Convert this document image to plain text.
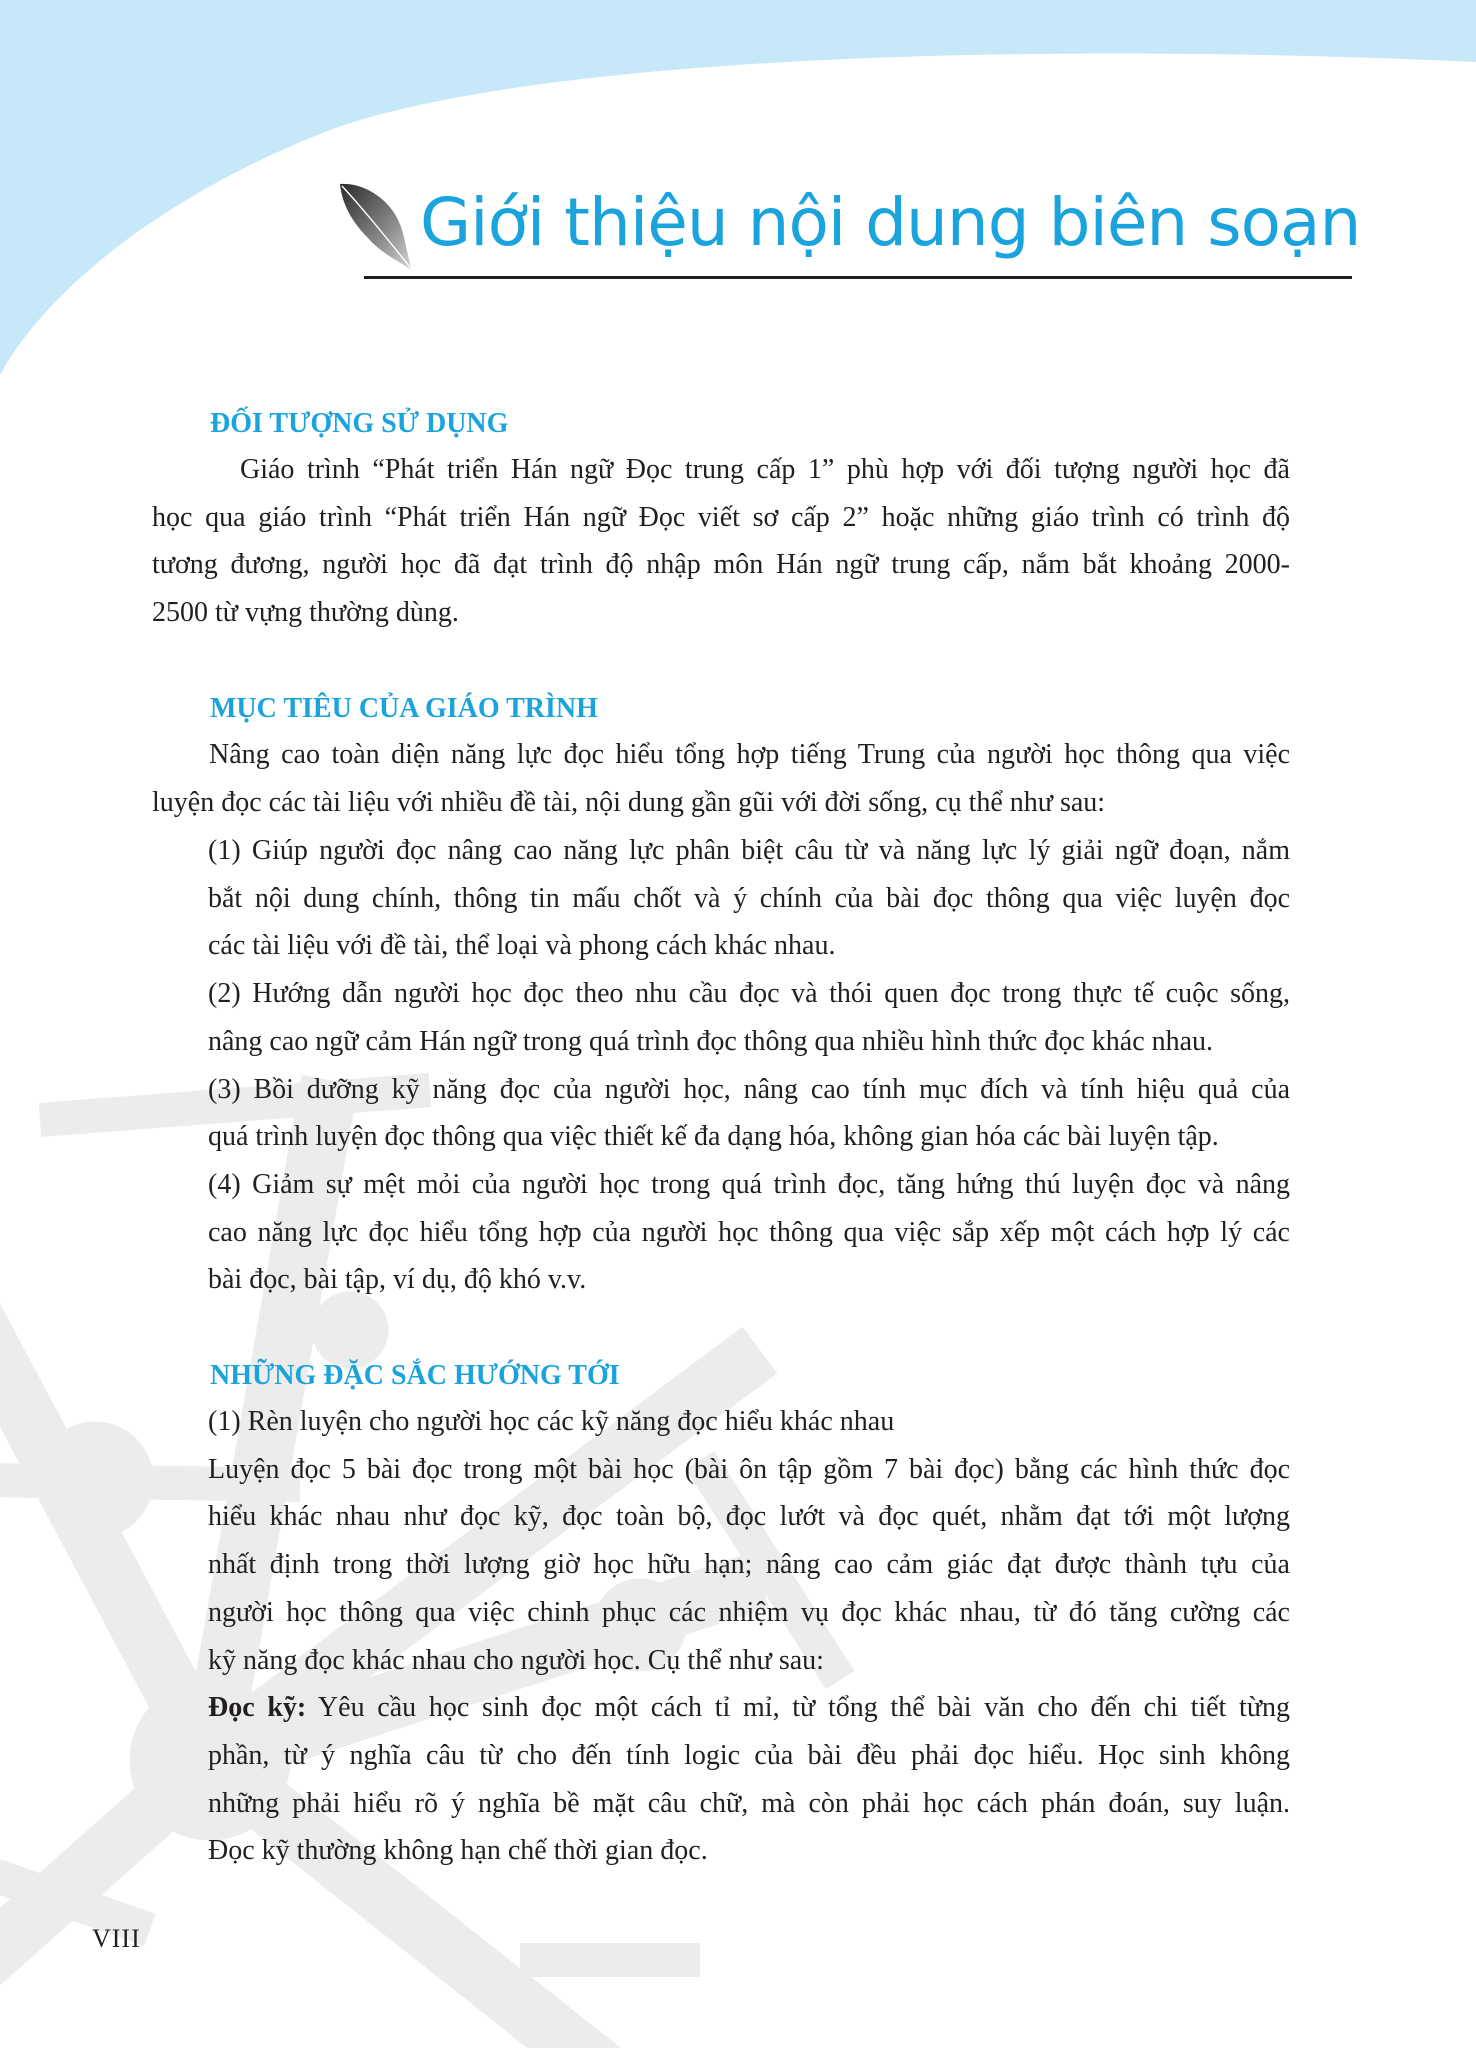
Giới thiệu nội dung biên soạn
ĐỐI TƯỢNG SỬ DỤNG
Giáo trình “Phát triển Hán ngữ Đọc trung cấp 1” phù hợp với đối tượng người học đã
học qua giáo trình “Phát triển Hán ngữ Đọc viết sơ cấp 2” hoặc những giáo trình có trình độ
tương đương, người học đã đạt trình độ nhập môn Hán ngữ trung cấp, nắm bắt khoảng 2000-
2500 từ vựng thường dùng.
MỤC TIÊU CỦA GIÁO TRÌNH
Nâng cao toàn diện năng lực đọc hiểu tổng hợp tiếng Trung của người học thông qua việc
luyện đọc các tài liệu với nhiều đề tài, nội dung gần gũi với đời sống, cụ thể như sau:
(1) Giúp người đọc nâng cao năng lực phân biệt câu từ và năng lực lý giải ngữ đoạn, nắm
bắt nội dung chính, thông tin mấu chốt và ý chính của bài đọc thông qua việc luyện đọc
các tài liệu với đề tài, thể loại và phong cách khác nhau.
(2) Hướng dẫn người học đọc theo nhu cầu đọc và thói quen đọc trong thực tế cuộc sống,
nâng cao ngữ cảm Hán ngữ trong quá trình đọc thông qua nhiều hình thức đọc khác nhau.
(3) Bồi dưỡng kỹ năng đọc của người học, nâng cao tính mục đích và tính hiệu quả của
quá trình luyện đọc thông qua việc thiết kế đa dạng hóa, không gian hóa các bài luyện tập.
(4) Giảm sự mệt mỏi của người học trong quá trình đọc, tăng hứng thú luyện đọc và nâng
cao năng lực đọc hiểu tổng hợp của người học thông qua việc sắp xếp một cách hợp lý các
bài đọc, bài tập, ví dụ, độ khó v.v.
NHỮNG ĐẶC SẮC HƯỚNG TỚI
(1) Rèn luyện cho người học các kỹ năng đọc hiểu khác nhau
Luyện đọc 5 bài đọc trong một bài học (bài ôn tập gồm 7 bài đọc) bằng các hình thức đọc
hiểu khác nhau như đọc kỹ, đọc toàn bộ, đọc lướt và đọc quét, nhằm đạt tới một lượng
nhất định trong thời lượng giờ học hữu hạn; nâng cao cảm giác đạt được thành tựu của
người học thông qua việc chinh phục các nhiệm vụ đọc khác nhau, từ đó tăng cường các
kỹ năng đọc khác nhau cho người học. Cụ thể như sau:
Đọc kỹ: Yêu cầu học sinh đọc một cách tỉ mỉ, từ tổng thể bài văn cho đến chi tiết từng
phần, từ ý nghĩa câu từ cho đến tính logic của bài đều phải đọc hiểu. Học sinh không
những phải hiểu rõ ý nghĩa bề mặt câu chữ, mà còn phải học cách phán đoán, suy luận.
Đọc kỹ thường không hạn chế thời gian đọc.
VIII
